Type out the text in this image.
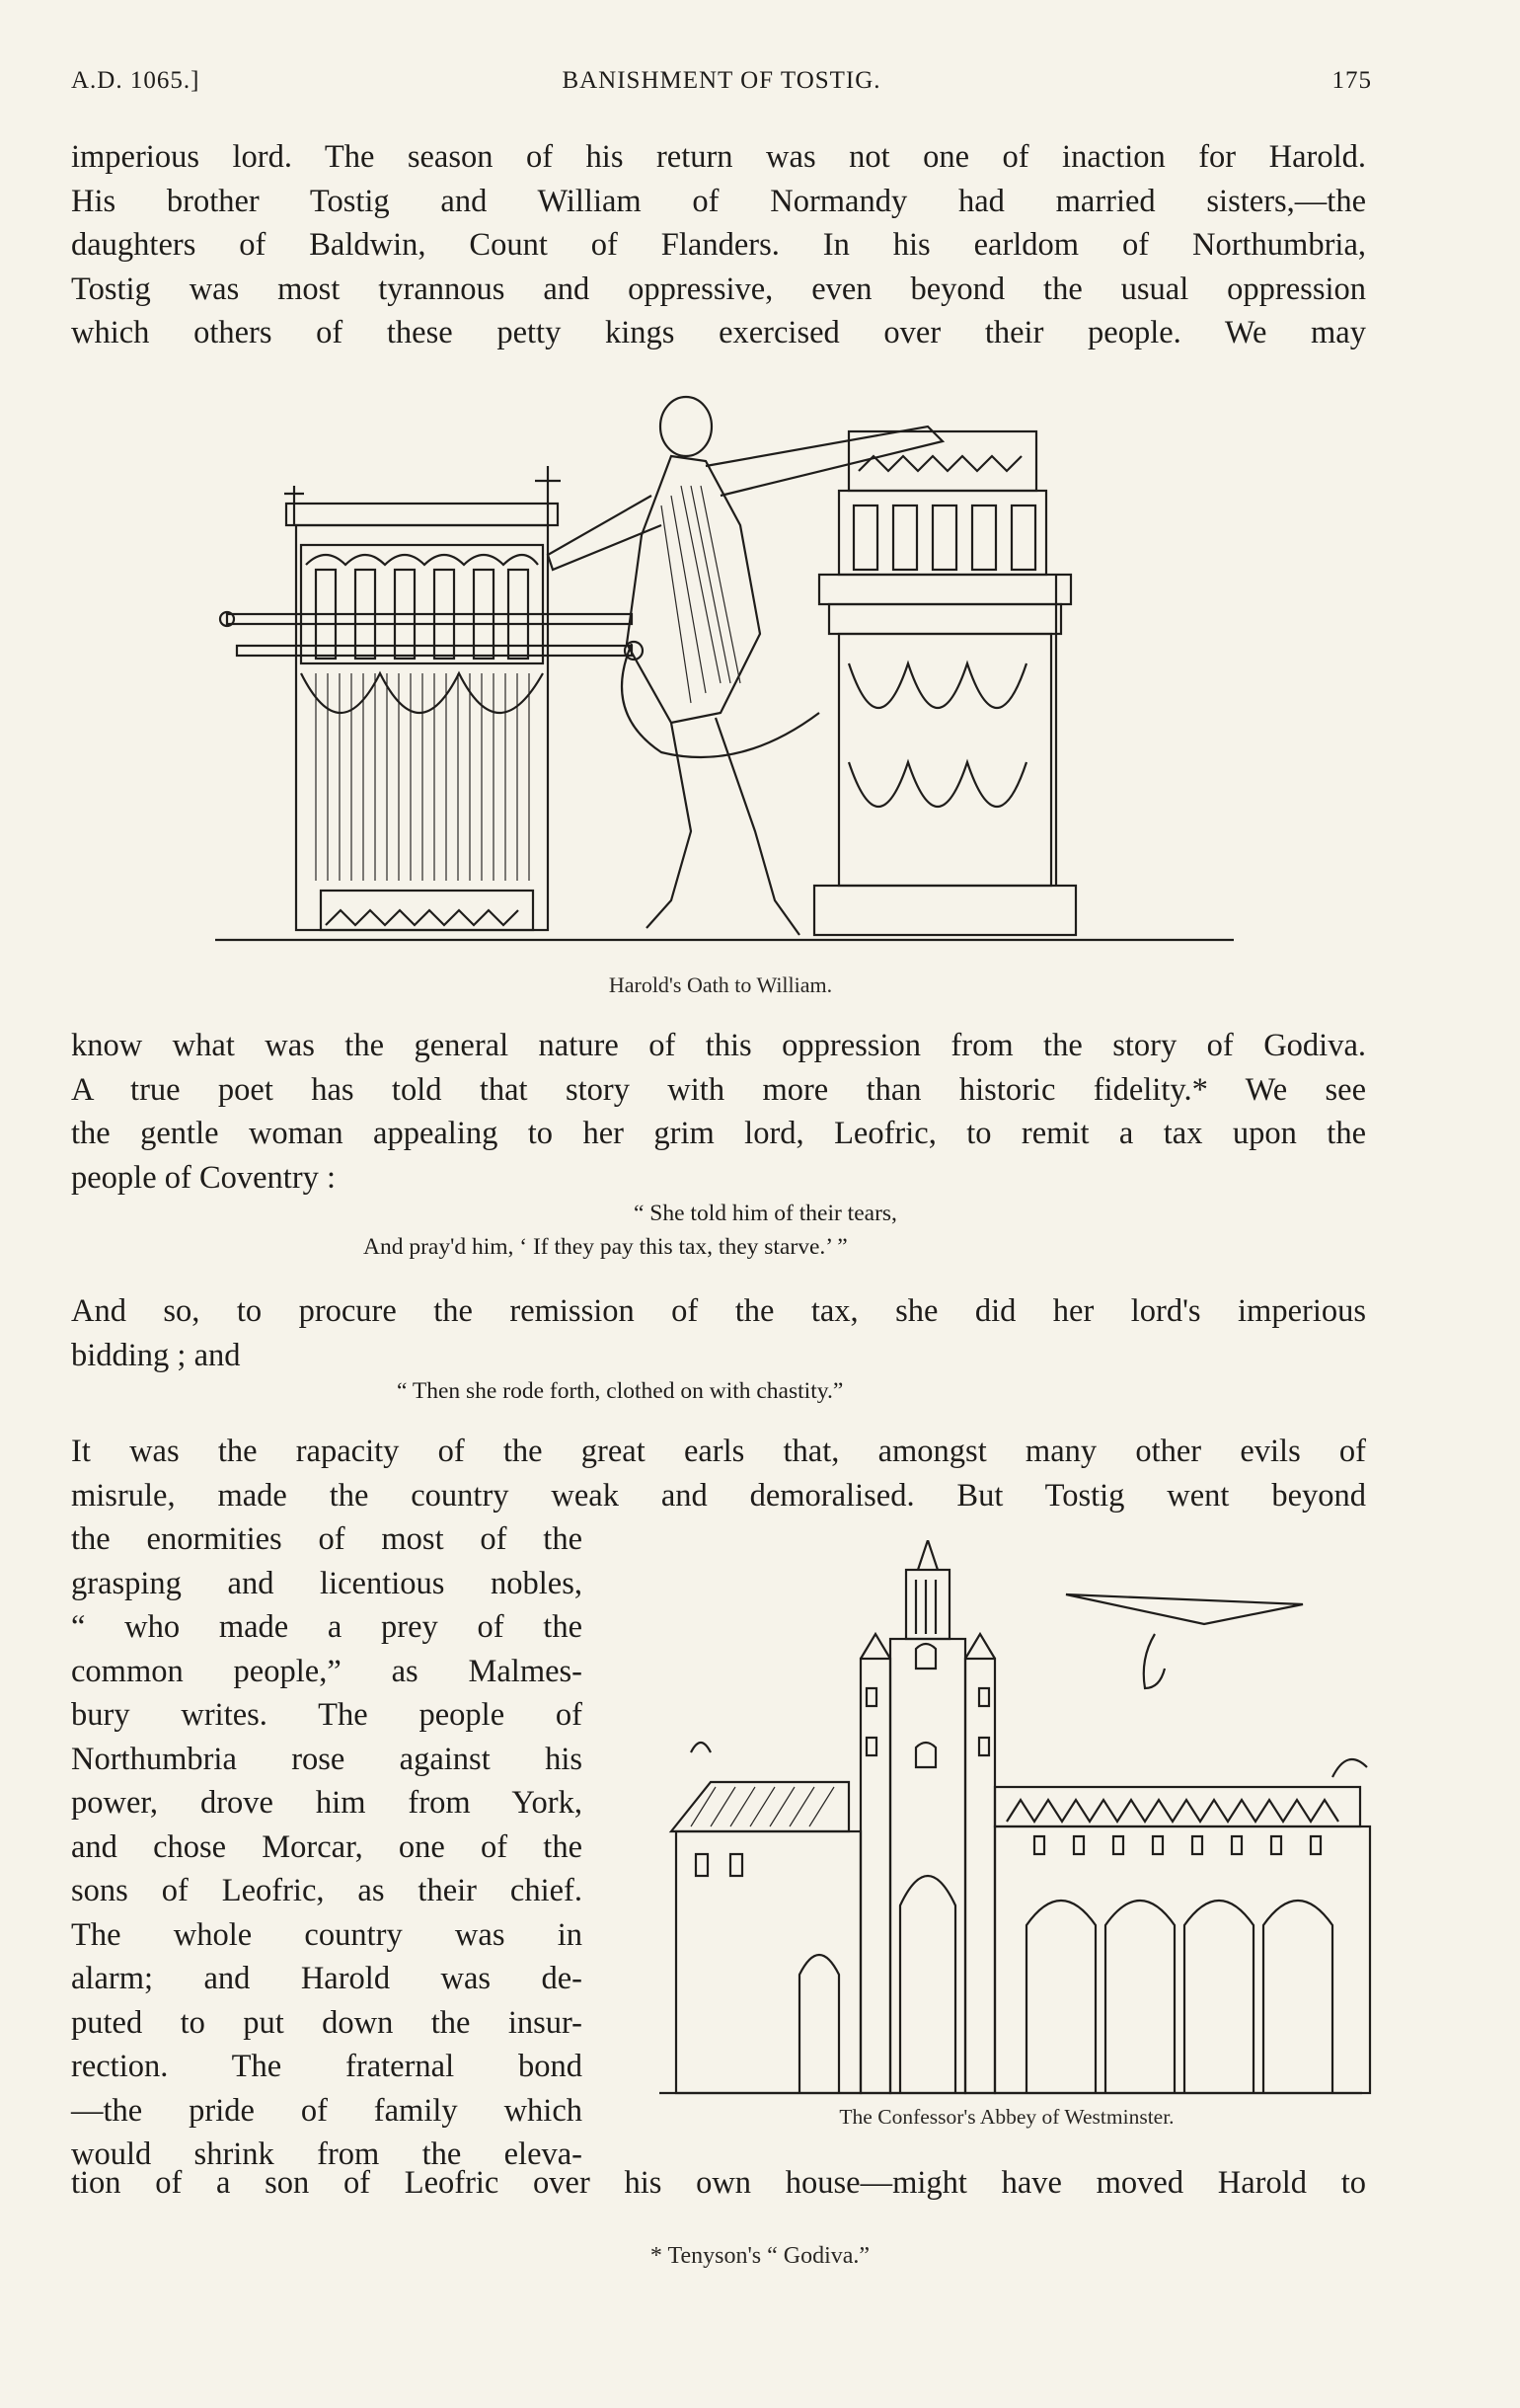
A.D. 1065.]	BANISHMENT OF TOSTIG.	175
imperious lord. The season of his return was not one of inaction for Harold.
His brother Tostig and William of Normandy had married sisters,—the
daughters of Baldwin, Count of Flanders. In his earldom of Northumbria,
Tostig was most tyrannous and oppressive, even beyond the usual oppression
which others of these petty kings exercised over their people. We may
Harold's Oath to William.
know what was the general nature of this oppression from the story of Godiva.
A true poet has told that story with more than historic fidelity.* We see
the gentle woman appealing to her grim lord, Leofric, to remit a tax upon the
people of Coventry :
“ She told him of their tears,
And pray'd him, ‘ If they pay this tax, they starve.’ ”
And so, to procure the remission of the tax, she did her lord's imperious
bidding ; and
“ Then she rode forth, clothed on with chastity.”
It was the rapacity of the great earls that, amongst many other evils of
misrule, made the country weak and demoralised. But Tostig went beyond
the enormities of most of the
grasping and licentious nobles,
“ who made a prey of the
common people,” as Malmes-
bury writes. The people of
Northumbria rose against his
power, drove him from York,
and chose Morcar, one of the
sons of Leofric, as their chief.
The whole country was in
alarm; and Harold was de-
puted to put down the insur-
rection. The fraternal bond
—the pride of family which
would shrink from the eleva-
The Confessor's Abbey of Westminster.
tion of a son of Leofric over his own house—might have moved Harold to
* Tenyson's “ Godiva.”
